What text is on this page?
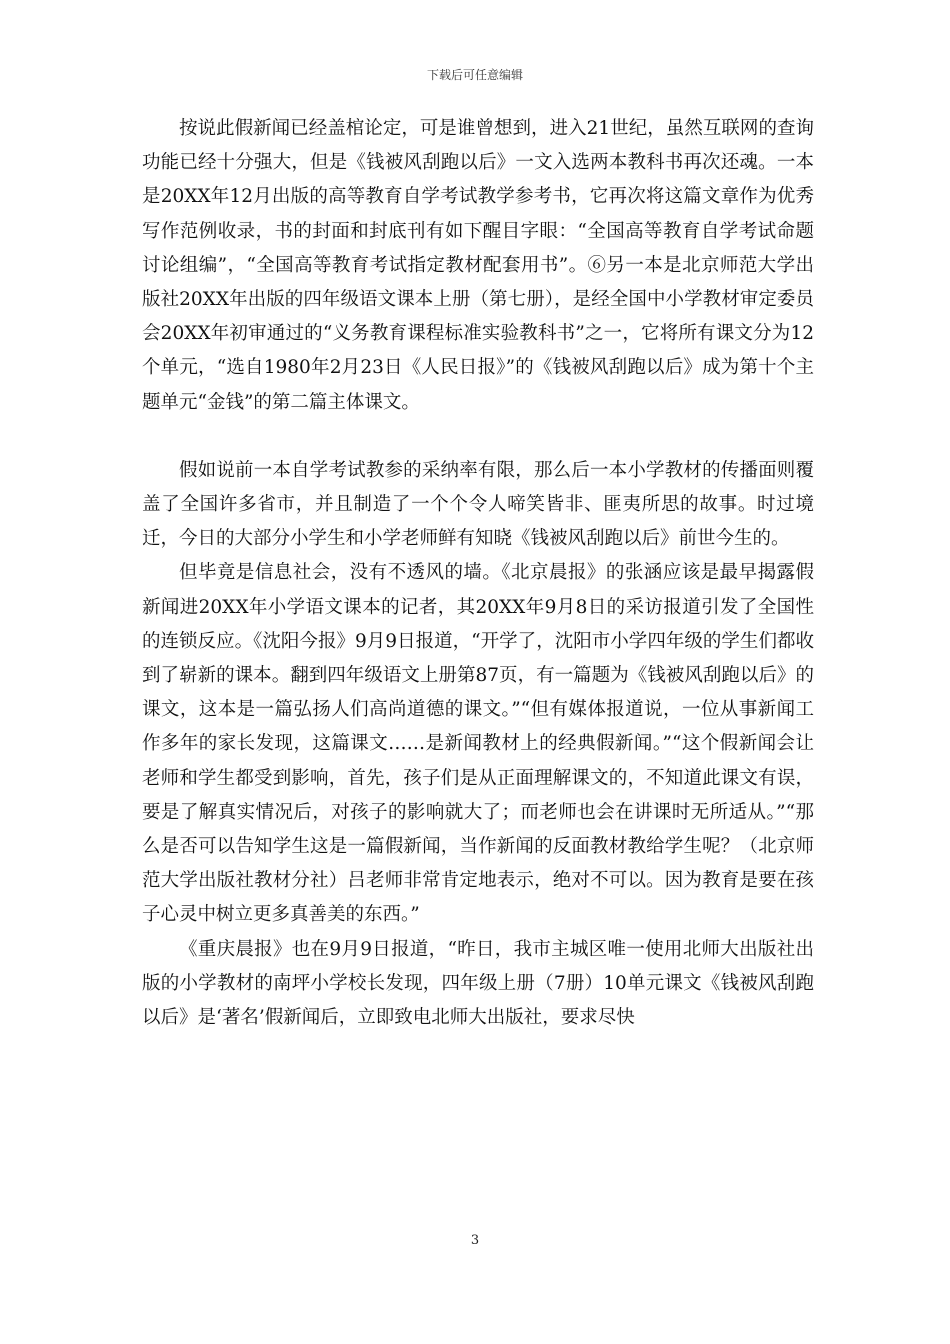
下载后可任意编辑

按说此假新闻已经盖棺论定，可是谁曾想到，进入21世纪，虽然互联网的查询功能已经十分强大，但是《钱被风刮跑以后》一文入选两本教科书再次还魂。一本是20XX年12月出版的高等教育自学考试教学参考书，它再次将这篇文章作为优秀写作范例收录，书的封面和封底刊有如下醒目字眼：“全国高等教育自学考试命题讨论组编”，“全国高等教育考试指定教材配套用书”。⑥另一本是北京师范大学出版社20XX年出版的四年级语文课本上册（第七册），是经全国中小学教材审定委员会20XX年初审通过的“义务教育课程标准实验教科书”之一，它将所有课文分为12个单元，“选自1980年2月23日《人民日报》”的《钱被风刮跑以后》成为第十个主题单元“金钱”的第二篇主体课文。

假如说前一本自学考试教参的采纳率有限，那么后一本小学教材的传播面则覆盖了全国许多省市，并且制造了一个个令人啼笑皆非、匪夷所思的故事。时过境迁，今日的大部分小学生和小学老师鲜有知晓《钱被风刮跑以后》前世今生的。

但毕竟是信息社会，没有不透风的墙。《北京晨报》的张涵应该是最早揭露假新闻进20XX年小学语文课本的记者，其20XX年9月8日的采访报道引发了全国性的连锁反应。《沈阳今报》9月9日报道，“开学了，沈阳市小学四年级的学生们都收到了崭新的课本。翻到四年级语文上册第87页，有一篇题为《钱被风刮跑以后》的课文，这本是一篇弘扬人们高尚道德的课文。”“但有媒体报道说，一位从事新闻工作多年的家长发现，这篇课文……是新闻教材上的经典假新闻。”“这个假新闻会让老师和学生都受到影响，首先，孩子们是从正面理解课文的，不知道此课文有误，要是了解真实情况后，对孩子的影响就大了；而老师也会在讲课时无所适从。”“那么是否可以告知学生这是一篇假新闻，当作新闻的反面教材教给学生呢？（北京师范大学出版社教材分社）吕老师非常肯定地表示，绝对不可以。因为教育是要在孩子心灵中树立更多真善美的东西。”

《重庆晨报》也在9月9日报道，“昨日，我市主城区唯一使用北师大出版社出版的小学教材的南坪小学校长发现，四年级上册（7册）10单元课文《钱被风刮跑以后》是‘著名’假新闻后，立即致电北师大出版社，要求尽快

3
